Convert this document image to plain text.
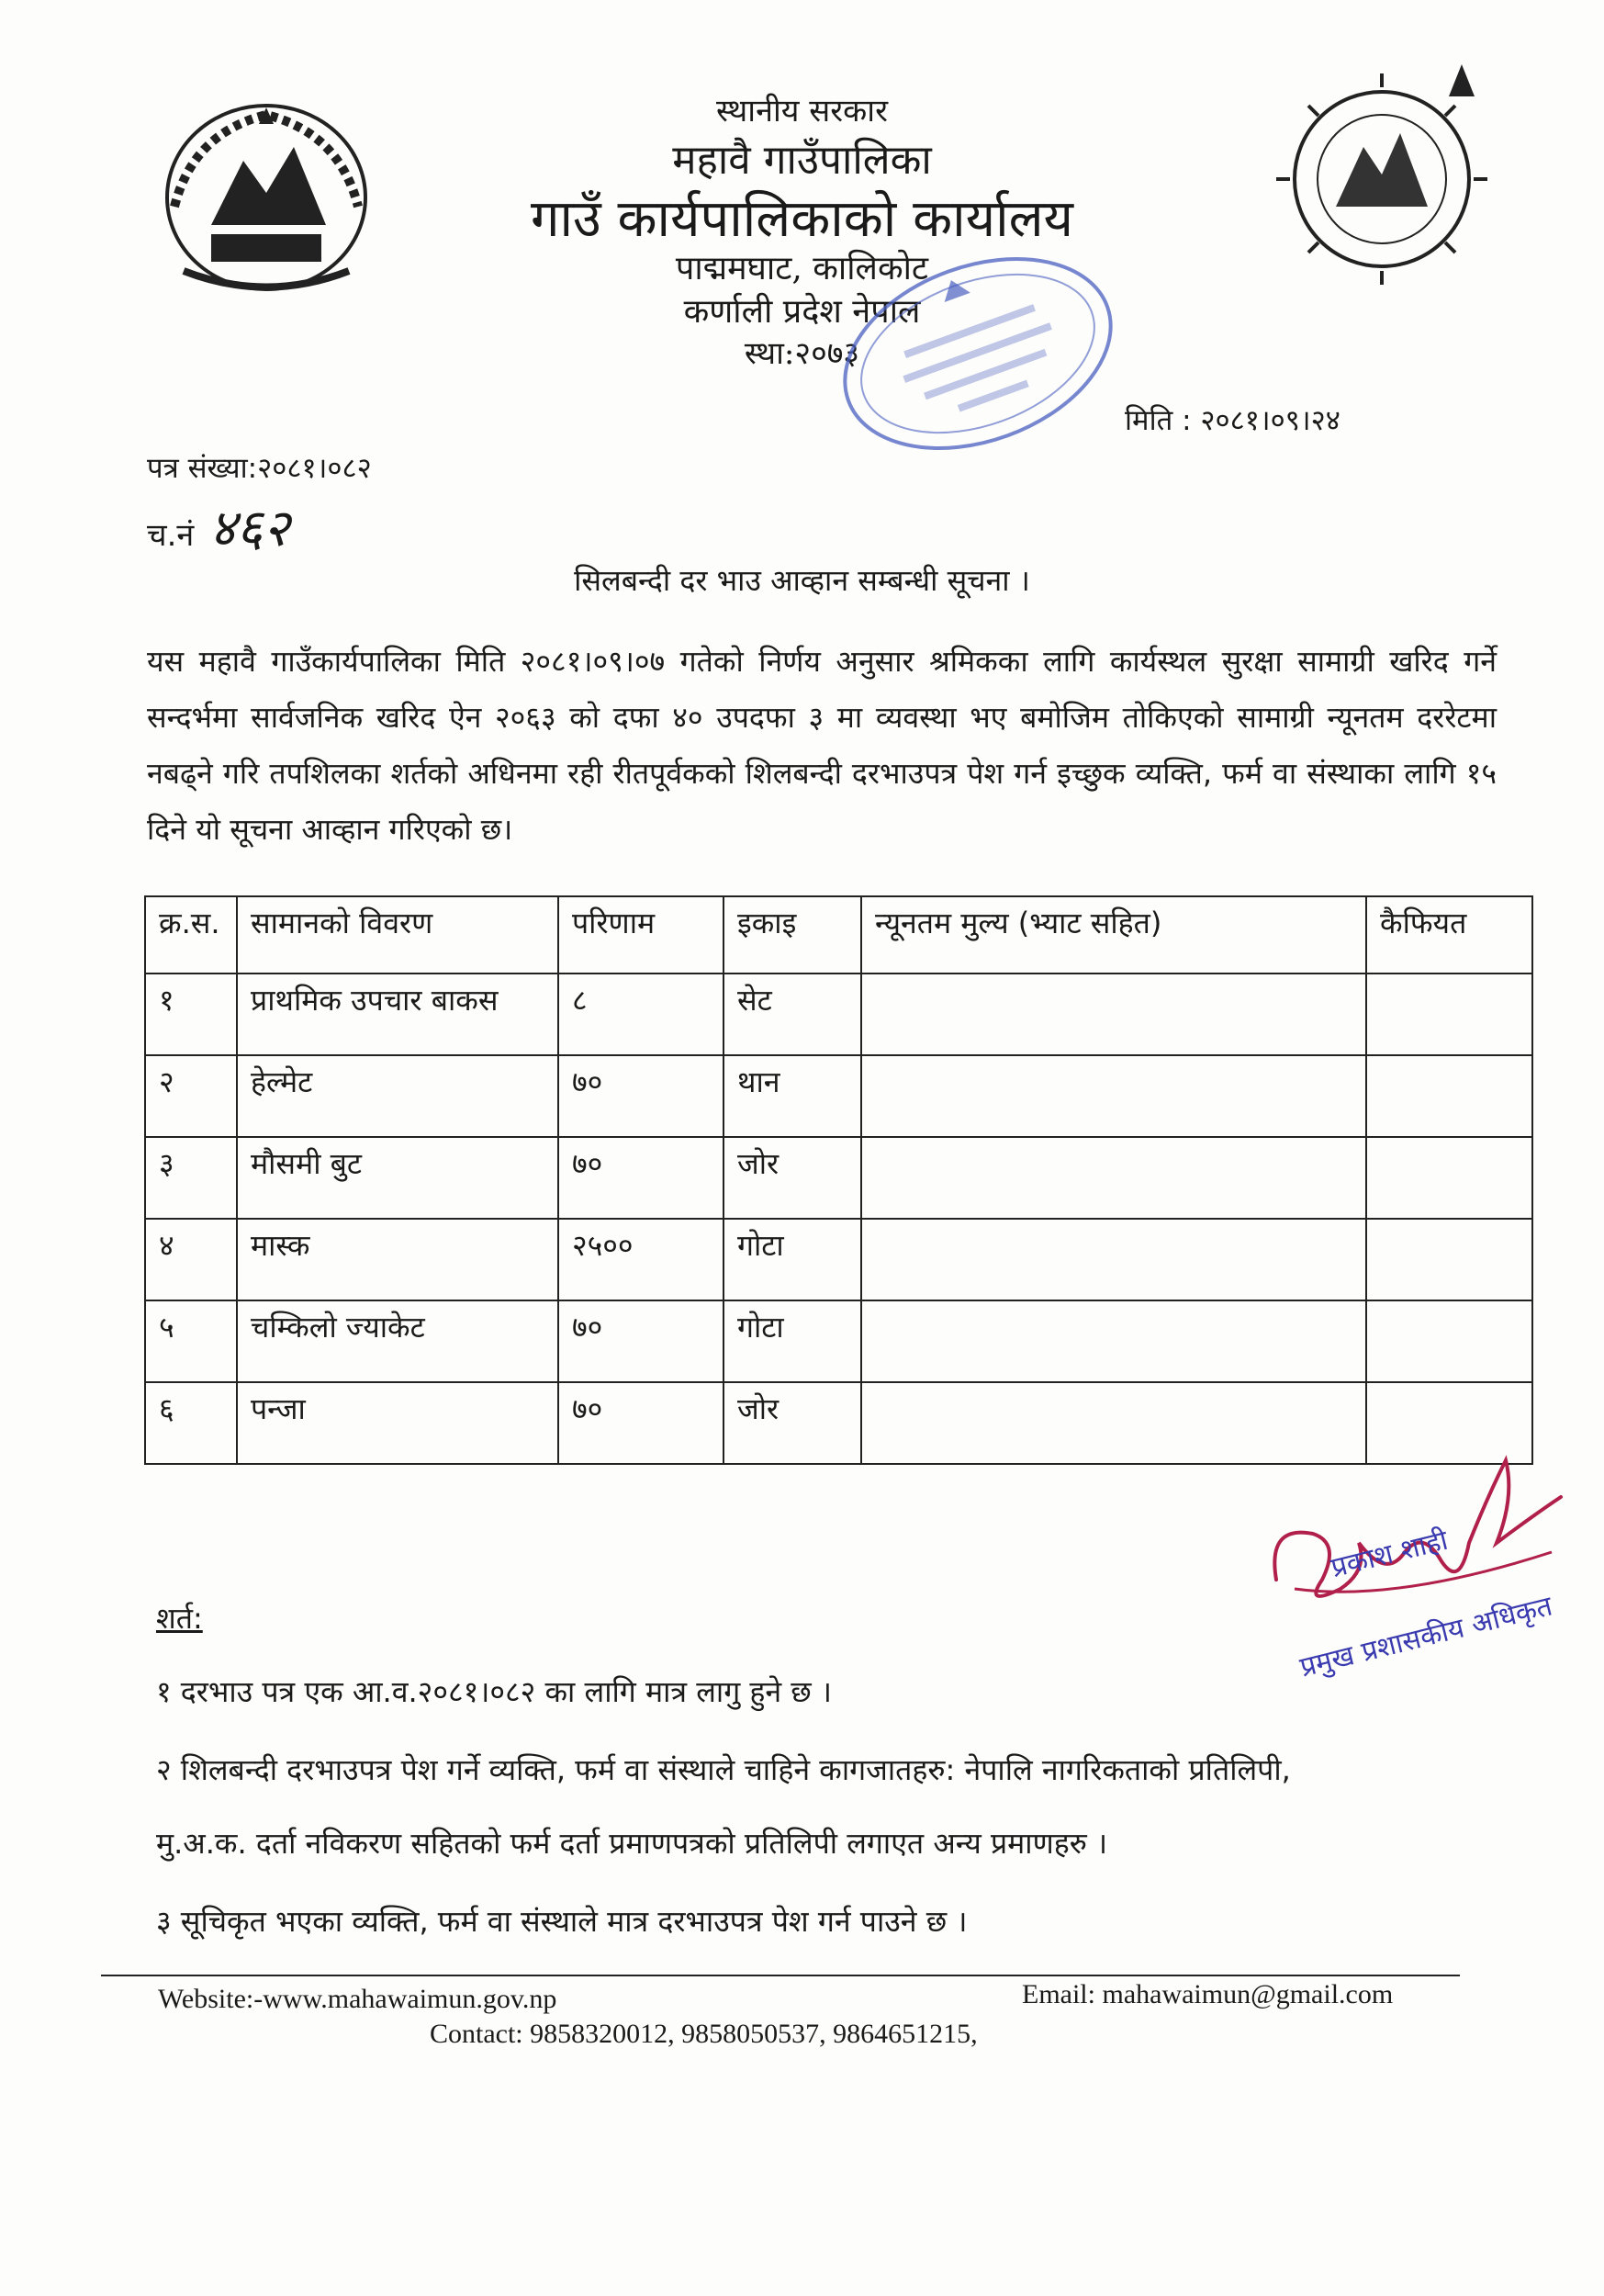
स्थानीय सरकार
महावै गाउँपालिका
गाउँ कार्यपालिकाको कार्यालय
पाद्ममघाट, कालिकोट
कर्णाली प्रदेश नेपाल
स्था:२०७३
मिति : २०८१।०९।२४
पत्र संख्या:२०८१।०८२
च.नं ४६२
सिलबन्दी दर भाउ आव्हान सम्बन्धी सूचना ।
यस महावै गाउँकार्यपालिका मिति २०८१।०९।०७ गतेको निर्णय अनुसार श्रमिकका लागि कार्यस्थल सुरक्षा सामाग्री खरिद गर्ने सन्दर्भमा सार्वजनिक खरिद ऐन २०६३ को दफा ४० उपदफा ३ मा व्यवस्था भए बमोजिम तोकिएको सामाग्री न्यूनतम दररेटमा नबढ्ने गरि तपशिलका शर्तको अधिनमा रही रीतपूर्वकको शिलबन्दी दरभाउपत्र पेश गर्न इच्छुक व्यक्ति, फर्म वा संस्थाका लागि १५ दिने यो सूचना आव्हान गरिएको छ।
क्र.स.	सामानको विवरण	परिणाम	इकाइ	न्यूनतम मुल्य (भ्याट सहित)	कैफियत
१	प्राथमिक उपचार बाकस	८	सेट		
२	हेल्मेट	७०	थान		
३	मौसमी बुट	७०	जोर		
४	मास्क	२५००	गोटा		
५	चम्किलो ज्याकेट	७०	गोटा		
६	पन्जा	७०	जोर		
प्रकाश शाही
प्रमुख प्रशासकीय अधिकृत
शर्त:
१ दरभाउ पत्र एक आ.व.२०८१।०८२ का लागि मात्र लागु हुने छ ।
२ शिलबन्दी दरभाउपत्र पेश गर्ने व्यक्ति, फर्म वा संस्थाले चाहिने कागजातहरु: नेपालि नागरिकताको प्रतिलिपी,
मु.अ.क. दर्ता नविकरण सहितको फर्म दर्ता प्रमाणपत्रको प्रतिलिपी लगाएत अन्य प्रमाणहरु ।
३ सूचिकृत भएका व्यक्ति, फर्म वा संस्थाले मात्र दरभाउपत्र पेश गर्न पाउने छ ।
Website:-www.mahawaimun.gov.np	Email: mahawaimun@gmail.com
Contact: 9858320012, 9858050537, 9864651215,
